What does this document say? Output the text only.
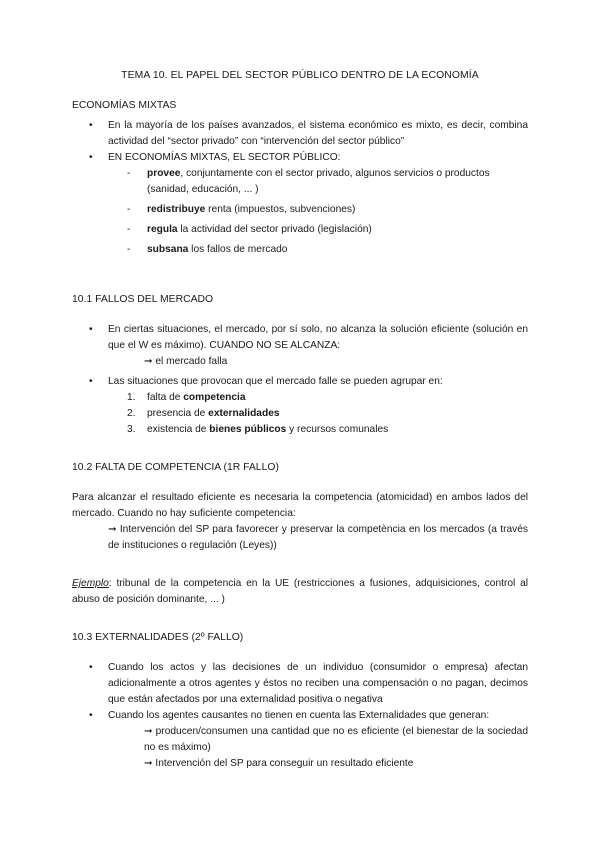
TEMA 10. EL PAPEL DEL SECTOR PÚBLICO DENTRO DE LA ECONOMÍA
ECONOMÍAS MIXTAS
• En la mayoría de los países avanzados, el sistema económico es mixto, es decir, combina actividad del “sector privado” con “intervención del sector público”
• EN ECONOMÍAS MIXTAS, EL SECTOR PÚBLICO:
- provee, conjuntamente con el sector privado, algunos servicios o productos (sanidad, educación, ... )
- redistribuye renta (impuestos, subvenciones)
- regula la actividad del sector privado (legislación)
- subsana los fallos de mercado
10.1 FALLOS DEL MERCADO
• En ciertas situaciones, el mercado, por sí solo, no alcanza la solución eficiente (solución en que el W es máximo). CUANDO NO SE ALCANZA:
➞ el mercado falla
• Las situaciones que provocan que el mercado falle se pueden agrupar en:
1. falta de competencia
2. presencia de externalidades
3. existencia de bienes públicos y recursos comunales
10.2 FALTA DE COMPETENCIA (1R FALLO)
Para alcanzar el resultado eficiente es necesaria la competencia (atomicidad) en ambos lados del mercado. Cuando no hay suficiente competencia:
➞ Intervención del SP para favorecer y preservar la competència en los mercados (a través de instituciones o regulación (Leyes))
Ejemplo: tribunal de la competencia en la UE (restricciones a fusiones, adquisiciones, control al abuso de posición dominante, ... )
10.3 EXTERNALIDADES (2º FALLO)
• Cuando los actos y las decisiones de un individuo (consumidor o empresa) afectan adicionalmente a otros agentes y éstos no reciben una compensación o no pagan, decimos que están afectados por una externalidad positiva o negativa
• Cuando los agentes causantes no tienen en cuenta las Externalidades que generan:
➞ producen/consumen una cantidad que no es eficiente (el bienestar de la sociedad no es máximo)
➞ Intervención del SP para conseguir un resultado eficiente
